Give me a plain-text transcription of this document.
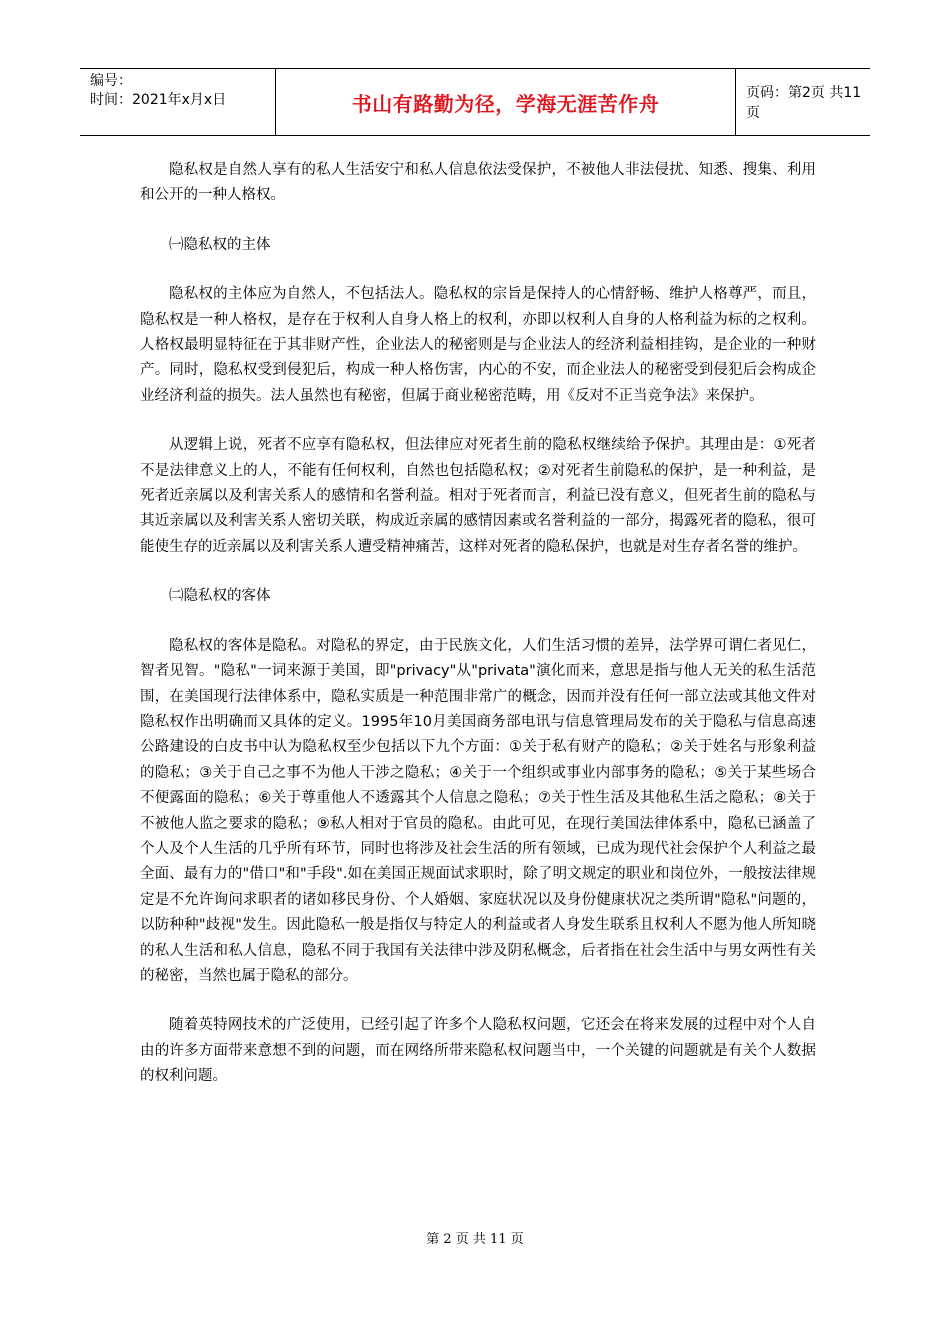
编号：
时间：2021年x月x日	书山有路勤为径，学海无涯苦作舟	页码：第2页 共11页

隐私权是自然人享有的私人生活安宁和私人信息依法受保护，不被他人非法侵扰、知悉、搜集、利用和公开的一种人格权。

㈠隐私权的主体

隐私权的主体应为自然人，不包括法人。隐私权的宗旨是保持人的心情舒畅、维护人格尊严，而且，隐私权是一种人格权，是存在于权利人自身人格上的权利，亦即以权利人自身的人格利益为标的之权利。人格权最明显特征在于其非财产性，企业法人的秘密则是与企业法人的经济利益相挂钩，是企业的一种财产。同时，隐私权受到侵犯后，构成一种人格伤害，内心的不安，而企业法人的秘密受到侵犯后会构成企业经济利益的损失。法人虽然也有秘密，但属于商业秘密范畴，用《反对不正当竞争法》来保护。

从逻辑上说，死者不应享有隐私权，但法律应对死者生前的隐私权继续给予保护。其理由是：①死者不是法律意义上的人，不能有任何权利，自然也包括隐私权；②对死者生前隐私的保护，是一种利益，是死者近亲属以及利害关系人的感情和名誉利益。相对于死者而言，利益已没有意义，但死者生前的隐私与其近亲属以及利害关系人密切关联，构成近亲属的感情因素或名誉利益的一部分，揭露死者的隐私，很可能使生存的近亲属以及利害关系人遭受精神痛苦，这样对死者的隐私保护，也就是对生存者名誉的维护。

㈡隐私权的客体

隐私权的客体是隐私。对隐私的界定，由于民族文化，人们生活习惯的差异，法学界可谓仁者见仁，智者见智。"隐私"一词来源于美国，即"privacy"从"privata"演化而来，意思是指与他人无关的私生活范围，在美国现行法律体系中，隐私实质是一种范围非常广的概念，因而并没有任何一部立法或其他文件对隐私权作出明确而又具体的定义。1995年10月美国商务部电讯与信息管理局发布的关于隐私与信息高速公路建设的白皮书中认为隐私权至少包括以下九个方面：①关于私有财产的隐私；②关于姓名与形象利益的隐私；③关于自己之事不为他人干涉之隐私；④关于一个组织或事业内部事务的隐私；⑤关于某些场合不便露面的隐私；⑥关于尊重他人不透露其个人信息之隐私；⑦关于性生活及其他私生活之隐私；⑧关于不被他人监之要求的隐私；⑨私人相对于官员的隐私。由此可见，在现行美国法律体系中，隐私已涵盖了个人及个人生活的几乎所有环节，同时也将涉及社会生活的所有领域，已成为现代社会保护个人利益之最全面、最有力的"借口"和"手段".如在美国正规面试求职时，除了明文规定的职业和岗位外，一般按法律规定是不允许询问求职者的诸如移民身份、个人婚姻、家庭状况以及身份健康状况之类所谓"隐私"问题的，以防种种"歧视"发生。因此隐私一般是指仅与特定人的利益或者人身发生联系且权利人不愿为他人所知晓的私人生活和私人信息，隐私不同于我国有关法律中涉及阴私概念，后者指在社会生活中与男女两性有关的秘密，当然也属于隐私的部分。

随着英特网技术的广泛使用，已经引起了许多个人隐私权问题，它还会在将来发展的过程中对个人自由的许多方面带来意想不到的问题，而在网络所带来隐私权问题当中，一个关键的问题就是有关个人数据的权利问题。

第 2 页 共 11 页
